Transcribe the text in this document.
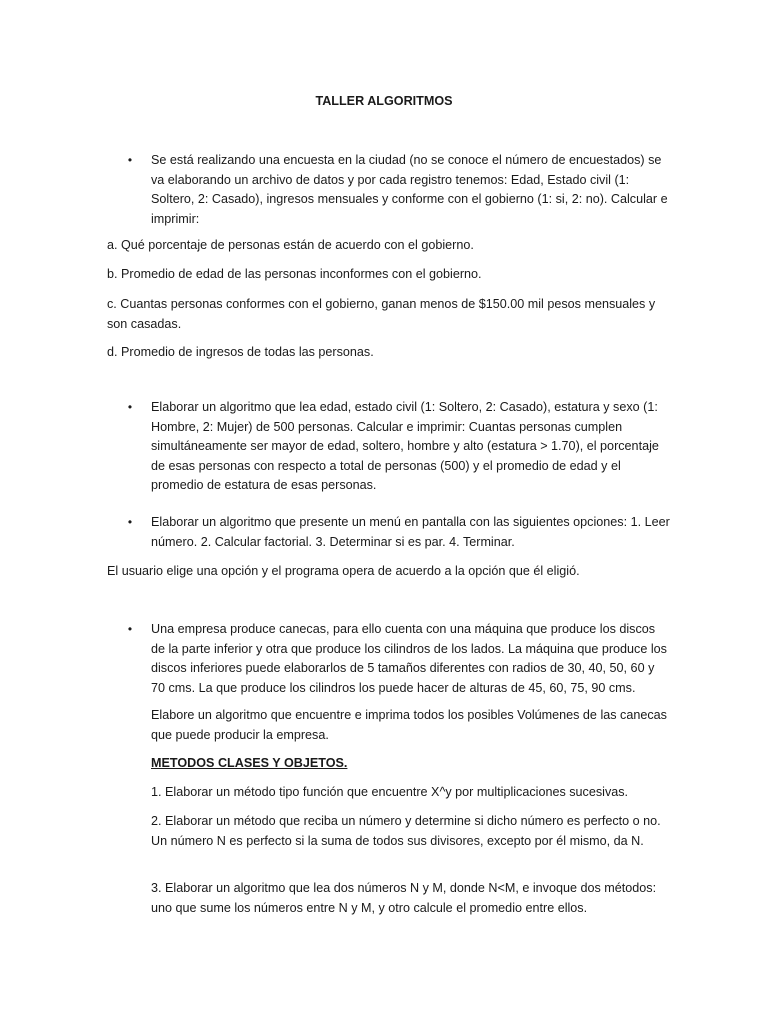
TALLER ALGORITMOS
• Se está realizando una encuesta en la ciudad (no se conoce el número de encuestados) se va elaborando un archivo de datos y por cada registro tenemos: Edad, Estado civil (1: Soltero, 2: Casado), ingresos mensuales y conforme con el gobierno (1: si, 2: no). Calcular e imprimir:

a. Qué porcentaje de personas están de acuerdo con el gobierno.

b. Promedio de edad de las personas inconformes con el gobierno.

c. Cuantas personas conformes con el gobierno, ganan menos de $150.00 mil pesos mensuales y son casadas.

d. Promedio de ingresos de todas las personas.

• Elaborar un algoritmo que lea edad, estado civil (1: Soltero, 2: Casado), estatura y sexo (1: Hombre, 2: Mujer) de 500 personas. Calcular e imprimir: Cuantas personas cumplen simultáneamente ser mayor de edad, soltero, hombre y alto (estatura > 1.70), el porcentaje de esas personas con respecto a total de personas (500) y el promedio de edad y el promedio de estatura de esas personas.

• Elaborar un algoritmo que presente un menú en pantalla con las siguientes opciones: 1. Leer número. 2. Calcular factorial. 3. Determinar si es par. 4. Terminar.

El usuario elige una opción y el programa opera de acuerdo a la opción que él eligió.

• Una empresa produce canecas, para ello cuenta con una máquina que produce los discos de la parte inferior y otra que produce los cilindros de los lados. La máquina que produce los discos inferiores puede elaborarlos de 5 tamaños diferentes con radios de 30, 40, 50, 60 y 70 cms. La que produce los cilindros los puede hacer de alturas de 45, 60, 75, 90 cms.

Elabore un algoritmo que encuentre e imprima todos los posibles Volúmenes de las canecas que puede producir la empresa.

METODOS CLASES Y OBJETOS.

1. Elaborar un método tipo función que encuentre X^y por multiplicaciones sucesivas.

2. Elaborar un método que reciba un número y determine si dicho número es perfecto o no. Un número N es perfecto si la suma de todos sus divisores, excepto por él mismo, da N.

3. Elaborar un algoritmo que lea dos números N y M, donde N<M, e invoque dos métodos: uno que sume los números entre N y M, y otro calcule el promedio entre ellos.
